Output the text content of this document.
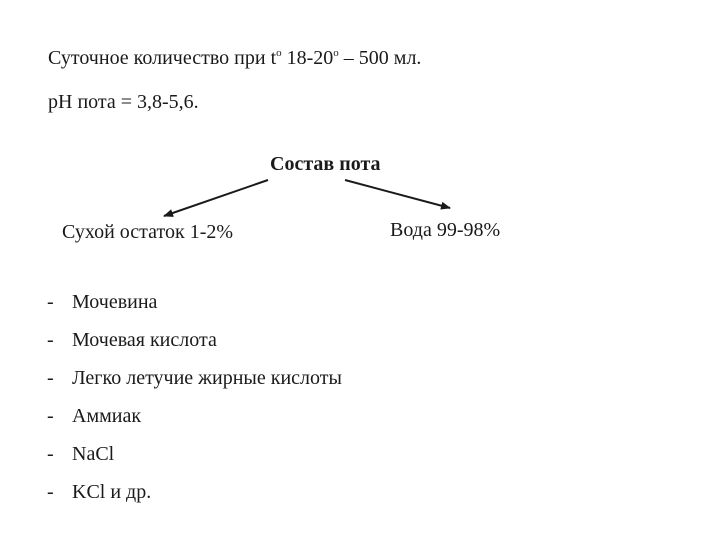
Суточное количество при $t^o$ 18-20$^o$ – 500 мл.
pH пота = 3,8-5,6.
Состав пота
Сухой остаток 1-2%	Вода 99-98%
- Мочевина
- Мочевая кислота
- Легко летучие жирные кислоты
- Аммиак
- NaCl
- KCl и др.
